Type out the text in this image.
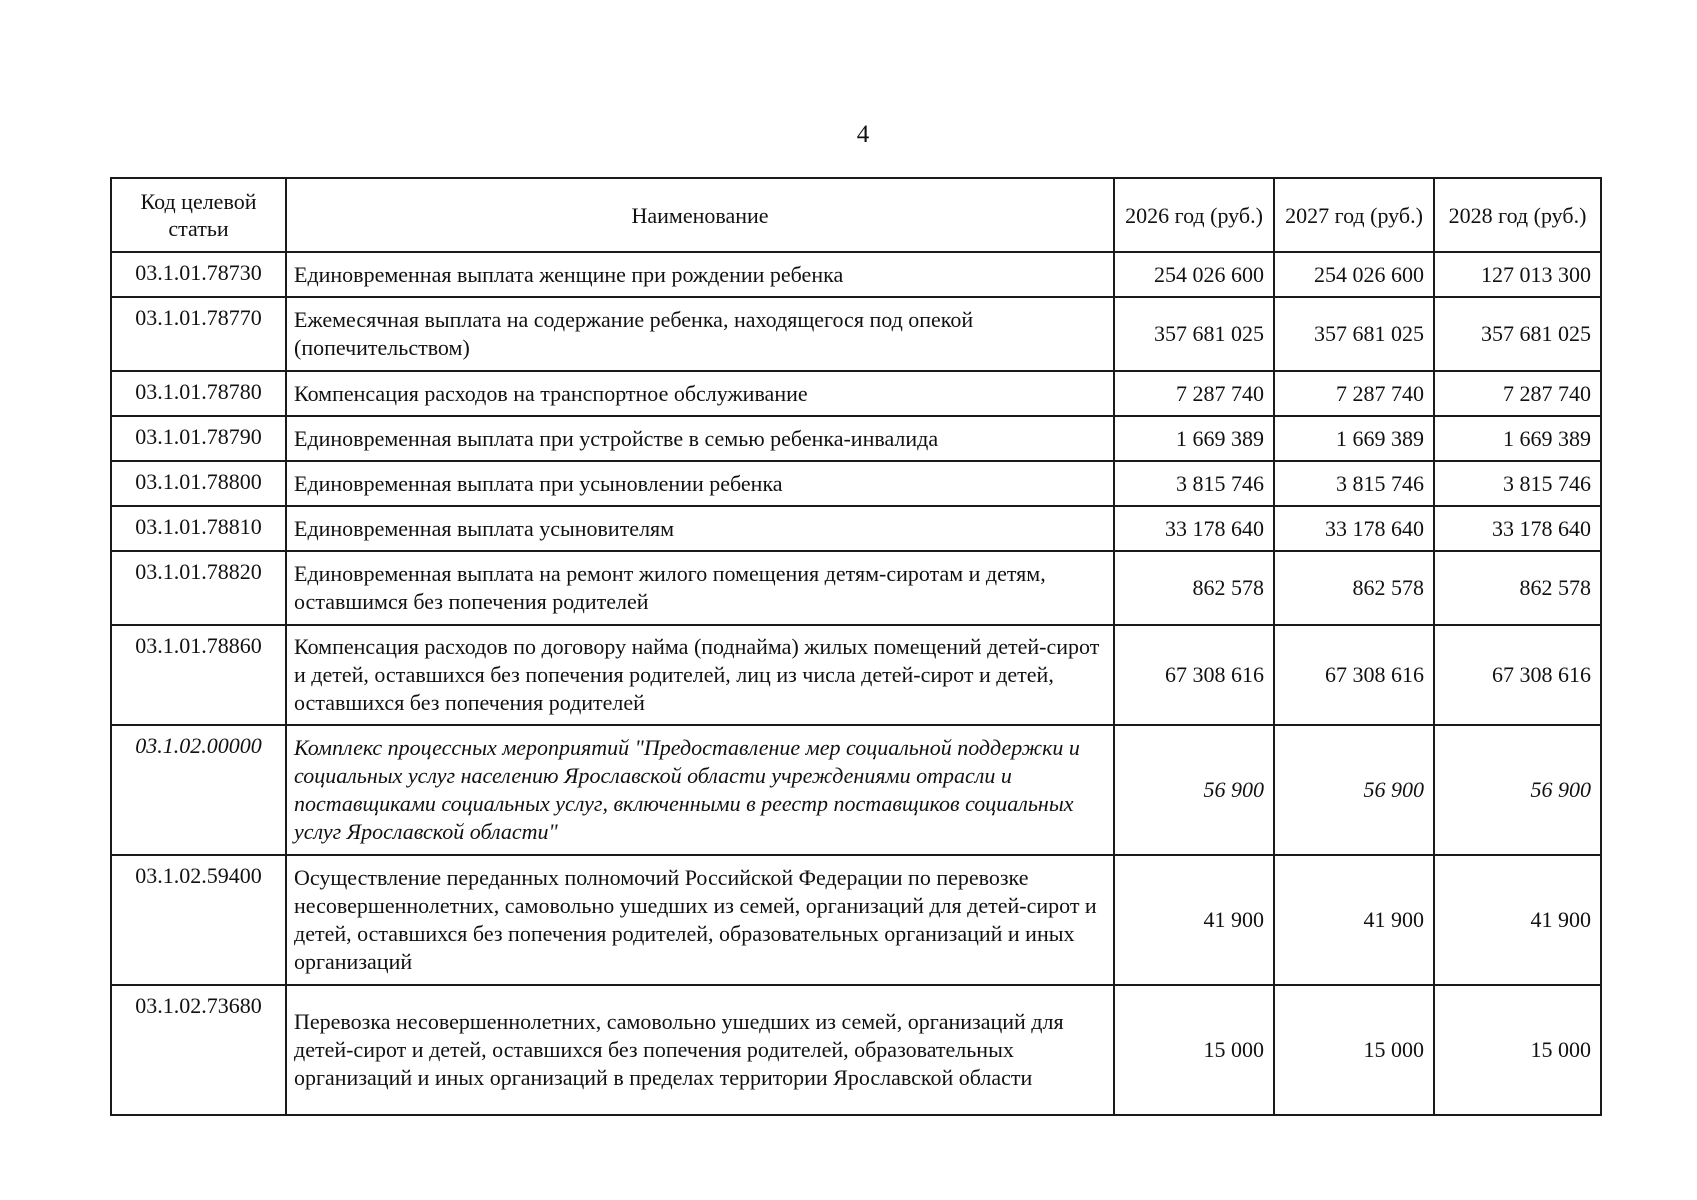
4
Код целевой статьи	Наименование	2026 год (руб.)	2027 год (руб.)	2028 год (руб.)
03.1.01.78730	Единовременная выплата женщине при рождении ребенка	254 026 600	254 026 600	127 013 300
03.1.01.78770	Ежемесячная выплата на содержание ребенка, находящегося под опекой (попечительством)	357 681 025	357 681 025	357 681 025
03.1.01.78780	Компенсация расходов на транспортное обслуживание	7 287 740	7 287 740	7 287 740
03.1.01.78790	Единовременная выплата при устройстве в семью ребенка-инвалида	1 669 389	1 669 389	1 669 389
03.1.01.78800	Единовременная выплата при усыновлении ребенка	3 815 746	3 815 746	3 815 746
03.1.01.78810	Единовременная выплата усыновителям	33 178 640	33 178 640	33 178 640
03.1.01.78820	Единовременная выплата на ремонт жилого помещения детям-сиротам и детям, оставшимся без попечения родителей	862 578	862 578	862 578
03.1.01.78860	Компенсация расходов по договору найма (поднайма) жилых помещений детей-сирот и детей, оставшихся без попечения родителей, лиц из числа детей-сирот и детей, оставшихся без попечения родителей	67 308 616	67 308 616	67 308 616
03.1.02.00000	Комплекс процессных мероприятий "Предоставление мер социальной поддержки и социальных услуг населению Ярославской области учреждениями отрасли и поставщиками социальных услуг, включенными в реестр поставщиков социальных услуг Ярославской области"	56 900	56 900	56 900
03.1.02.59400	Осуществление переданных полномочий Российской Федерации по перевозке несовершеннолетних, самовольно ушедших из семей, организаций для детей-сирот и детей, оставшихся без попечения родителей, образовательных организаций и иных организаций	41 900	41 900	41 900
03.1.02.73680	Перевозка несовершеннолетних, самовольно ушедших из семей, организаций для детей-сирот и детей, оставшихся без попечения родителей, образовательных организаций и иных организаций в пределах территории Ярославской области	15 000	15 000	15 000
